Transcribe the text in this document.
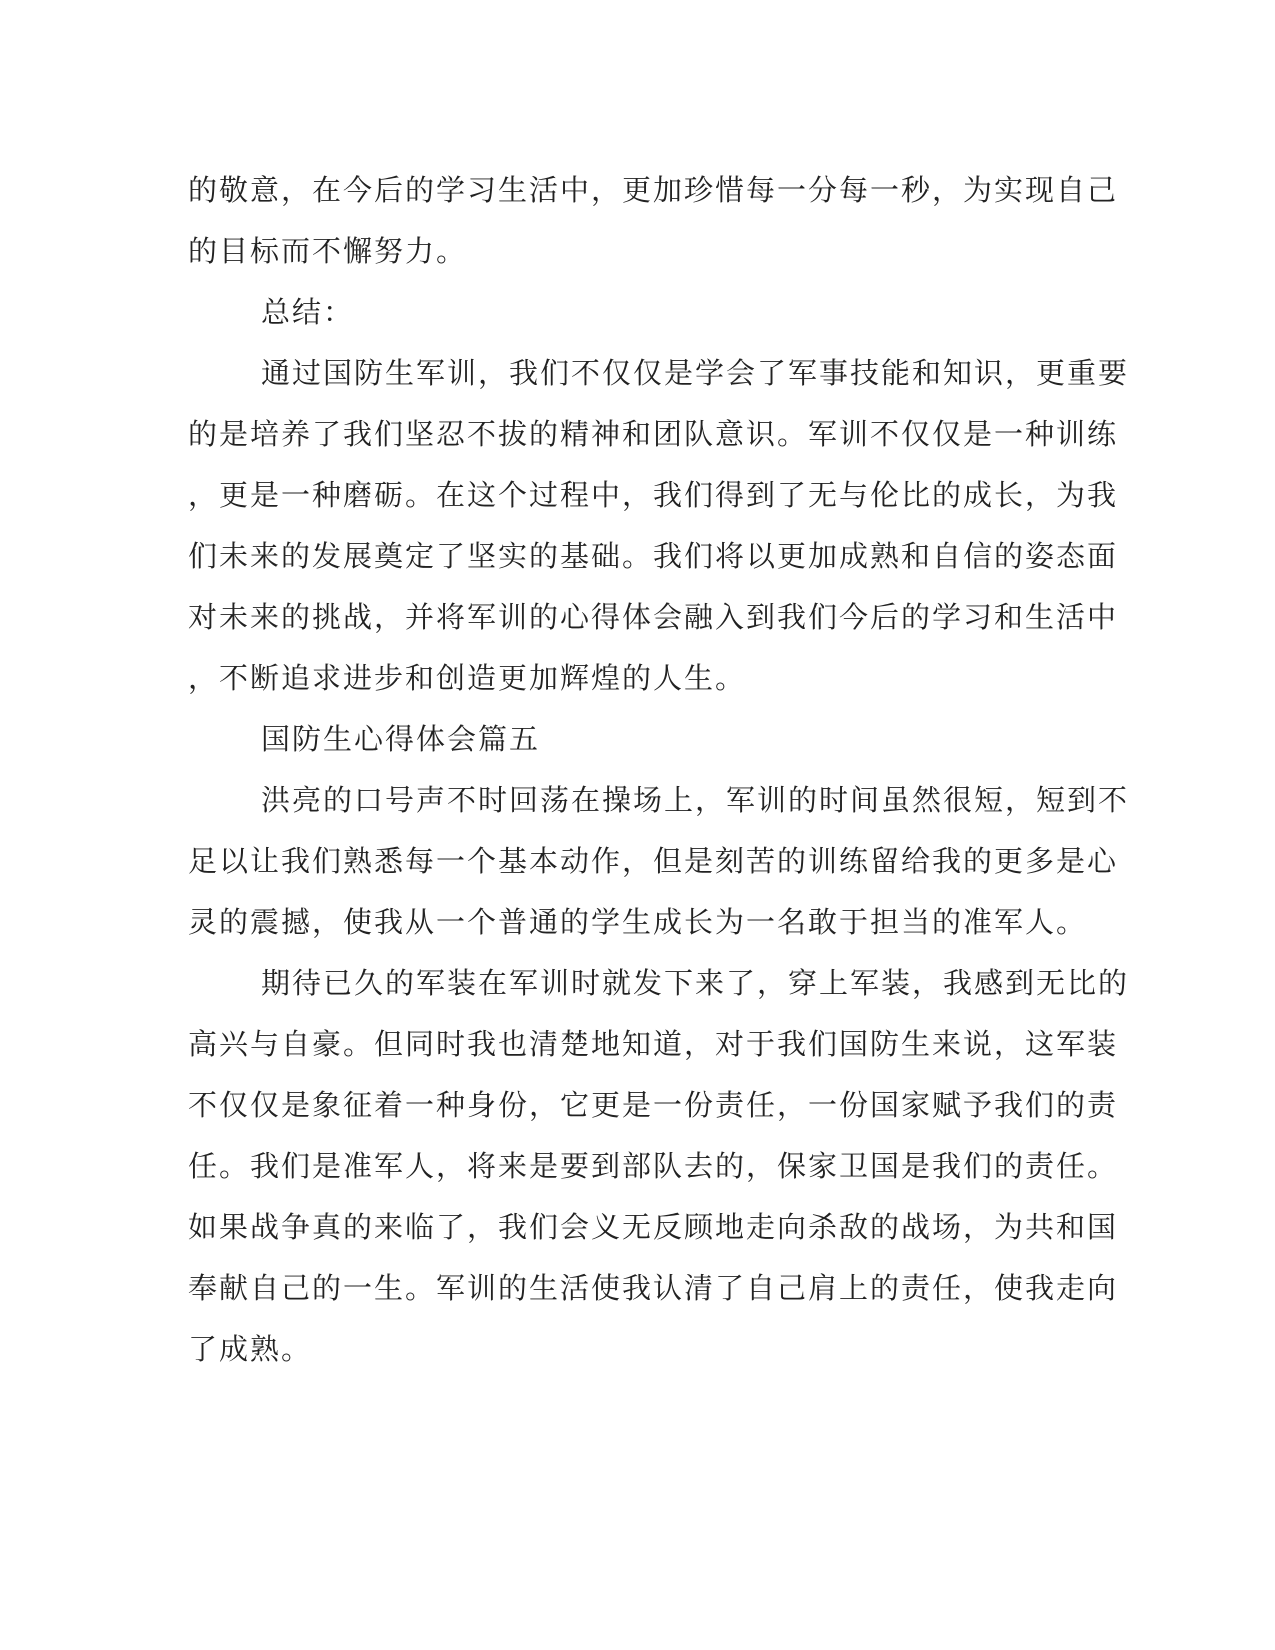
的敬意，在今后的学习生活中，更加珍惜每一分每一秒，为实现自己
的目标而不懈努力。
总结：
通过国防生军训，我们不仅仅是学会了军事技能和知识，更重要
的是培养了我们坚忍不拔的精神和团队意识。军训不仅仅是一种训练
，更是一种磨砺。在这个过程中，我们得到了无与伦比的成长，为我
们未来的发展奠定了坚实的基础。我们将以更加成熟和自信的姿态面
对未来的挑战，并将军训的心得体会融入到我们今后的学习和生活中
，不断追求进步和创造更加辉煌的人生。
国防生心得体会篇五
洪亮的口号声不时回荡在操场上，军训的时间虽然很短，短到不
足以让我们熟悉每一个基本动作，但是刻苦的训练留给我的更多是心
灵的震撼，使我从一个普通的学生成长为一名敢于担当的准军人。
期待已久的军装在军训时就发下来了，穿上军装，我感到无比的
高兴与自豪。但同时我也清楚地知道，对于我们国防生来说，这军装
不仅仅是象征着一种身份，它更是一份责任，一份国家赋予我们的责
任。我们是准军人，将来是要到部队去的，保家卫国是我们的责任。
如果战争真的来临了，我们会义无反顾地走向杀敌的战场，为共和国
奉献自己的一生。军训的生活使我认清了自己肩上的责任，使我走向
了成熟。
